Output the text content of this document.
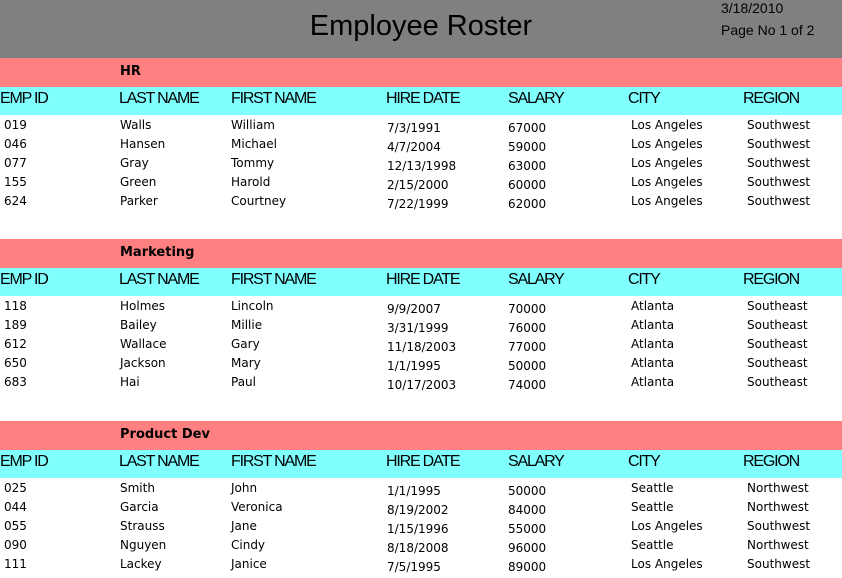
Employee Roster
3/18/2010
Page No 1 of 2
HR
EMP ID	LAST NAME FIRST NAME	HIRE DATE	SALARY	CITY	REGION
019	Walls	William	7/3/1991	67000	Los Angeles	Southwest
046	Hansen	Michael	4/7/2004	59000	Los Angeles	Southwest
077	Gray	Tommy	12/13/1998	63000	Los Angeles	Southwest
155	Green	Harold	2/15/2000	60000	Los Angeles	Southwest
624	Parker	Courtney	7/22/1999	62000	Los Angeles	Southwest
Marketing
EMP ID	LAST NAME FIRST NAME	HIRE DATE	SALARY	CITY	REGION
118	Holmes	Lincoln	9/9/2007	70000	Atlanta	Southeast
189	Bailey	Millie	3/31/1999	76000	Atlanta	Southeast
612	Wallace	Gary	11/18/2003	77000	Atlanta	Southeast
650	Jackson	Mary	1/1/1995	50000	Atlanta	Southeast
683	Hai	Paul	10/17/2003	74000	Atlanta	Southeast
Product Dev
EMP ID	LAST NAME FIRST NAME	HIRE DATE	SALARY	CITY	REGION
025	Smith	John	1/1/1995	50000	Seattle	Northwest
044	Garcia	Veronica	8/19/2002	84000	Seattle	Northwest
055	Strauss	Jane	1/15/1996	55000	Los Angeles	Southwest
090	Nguyen	Cindy	8/18/2008	96000	Seattle	Northwest
111	Lackey	Janice	7/5/1995	89000	Los Angeles	Southwest
